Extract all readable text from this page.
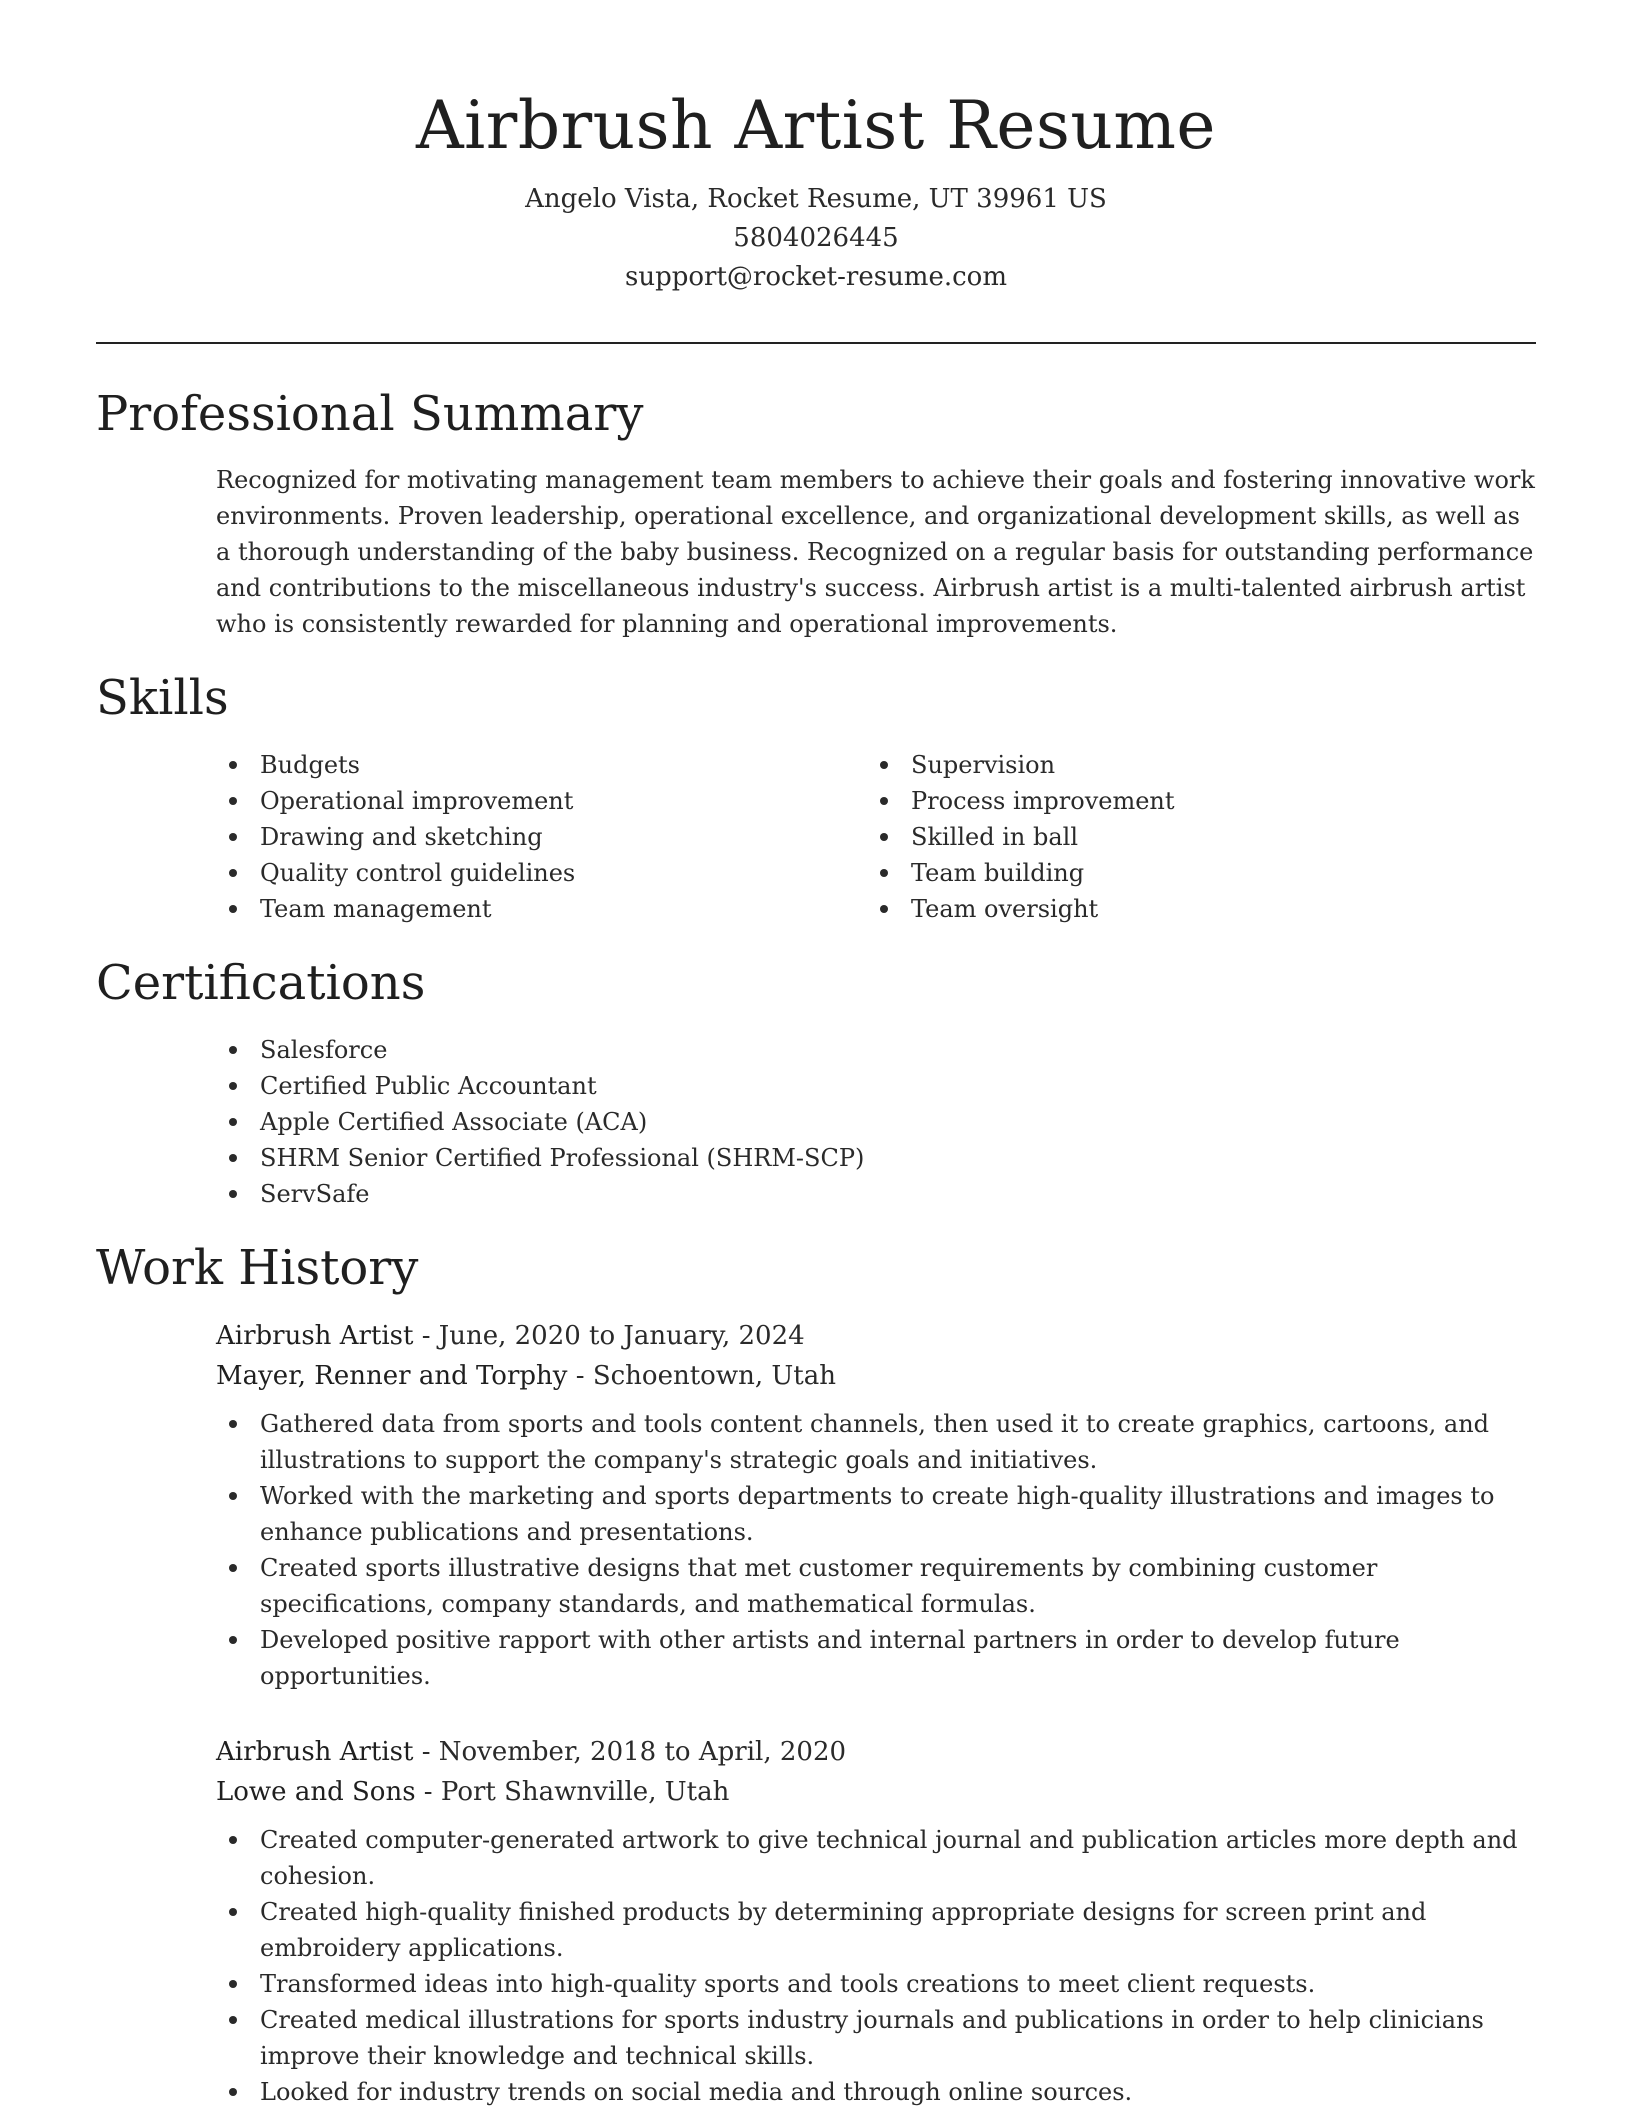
Airbrush Artist Resume
Angelo Vista, Rocket Resume, UT 39961 US
5804026445
support@rocket-resume.com
Professional Summary

Recognized for motivating management team members to achieve their goals and fostering innovative work environments. Proven leadership, operational excellence, and organizational development skills, as well as a thorough understanding of the baby business. Recognized on a regular basis for outstanding performance and contributions to the miscellaneous industry's success. Airbrush artist is a multi-talented airbrush artist who is consistently rewarded for planning and operational improvements.

Skills
Budgets
Operational improvement
Drawing and sketching
Quality control guidelines
Team management
Supervision
Process improvement
Skilled in ball
Team building
Team oversight
Certifications
Salesforce
Certified Public Accountant
Apple Certified Associate (ACA)
SHRM Senior Certified Professional (SHRM-SCP)
ServSafe
Work History
Airbrush Artist - June, 2020 to January, 2024
Mayer, Renner and Torphy - Schoentown, Utah
Gathered data from sports and tools content channels, then used it to create graphics, cartoons, and illustrations to support the company's strategic goals and initiatives.
Worked with the marketing and sports departments to create high-quality illustrations and images to enhance publications and presentations.
Created sports illustrative designs that met customer requirements by combining customer specifications, company standards, and mathematical formulas.
Developed positive rapport with other artists and internal partners in order to develop future opportunities.
Airbrush Artist - November, 2018 to April, 2020
Lowe and Sons - Port Shawnville, Utah
Created computer-generated artwork to give technical journal and publication articles more depth and cohesion.
Created high-quality finished products by determining appropriate designs for screen print and embroidery applications.
Transformed ideas into high-quality sports and tools creations to meet client requests.
Created medical illustrations for sports industry journals and publications in order to help clinicians improve their knowledge and technical skills.
Looked for industry trends on social media and through online sources.
